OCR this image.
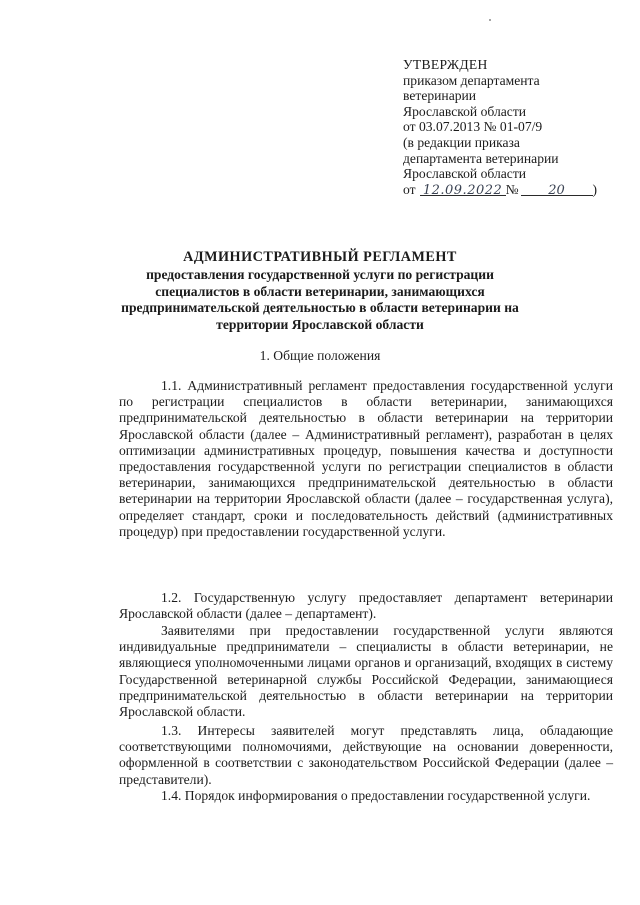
УТВЕРЖДЕН
приказом департамента
ветеринарии
Ярославской области
от 03.07.2013 № 01-07/9
(в редакции приказа
департамента ветеринарии
Ярославской области
от 12.09.2022 № 20 )
АДМИНИСТРАТИВНЫЙ РЕГЛАМЕНТ
предоставления государственной услуги по регистрации специалистов в области ветеринарии, занимающихся предпринимательской деятельностью в области ветеринарии на территории Ярославской области
1. Общие положения

1.1. Административный регламент предоставления государственной услуги по регистрации специалистов в области ветеринарии, занимающихся предпринимательской деятельностью в области ветеринарии на территории Ярославской области (далее – Административный регламент), разработан в целях оптимизации административных процедур, повышения качества и доступности предоставления государственной услуги по регистрации специалистов в области ветеринарии, занимающихся предпринимательской деятельностью в области ветеринарии на территории Ярославской области (далее – государственная услуга), определяет стандарт, сроки и последовательность действий (административных процедур) при предоставлении государственной услуги.

1.2. Государственную услугу предоставляет департамент ветеринарии Ярославской области (далее – департамент).

Заявителями при предоставлении государственной услуги являются индивидуальные предприниматели – специалисты в области ветеринарии, не являющиеся уполномоченными лицами органов и организаций, входящих в систему Государственной ветеринарной службы Российской Федерации, занимающиеся предпринимательской деятельностью в области ветеринарии на территории Ярославской области.

1.3. Интересы заявителей могут представлять лица, обладающие соответствующими полномочиями, действующие на основании доверенности, оформленной в соответствии с законодательством Российской Федерации (далее – представители).

1.4. Порядок информирования о предоставлении государственной услуги.
